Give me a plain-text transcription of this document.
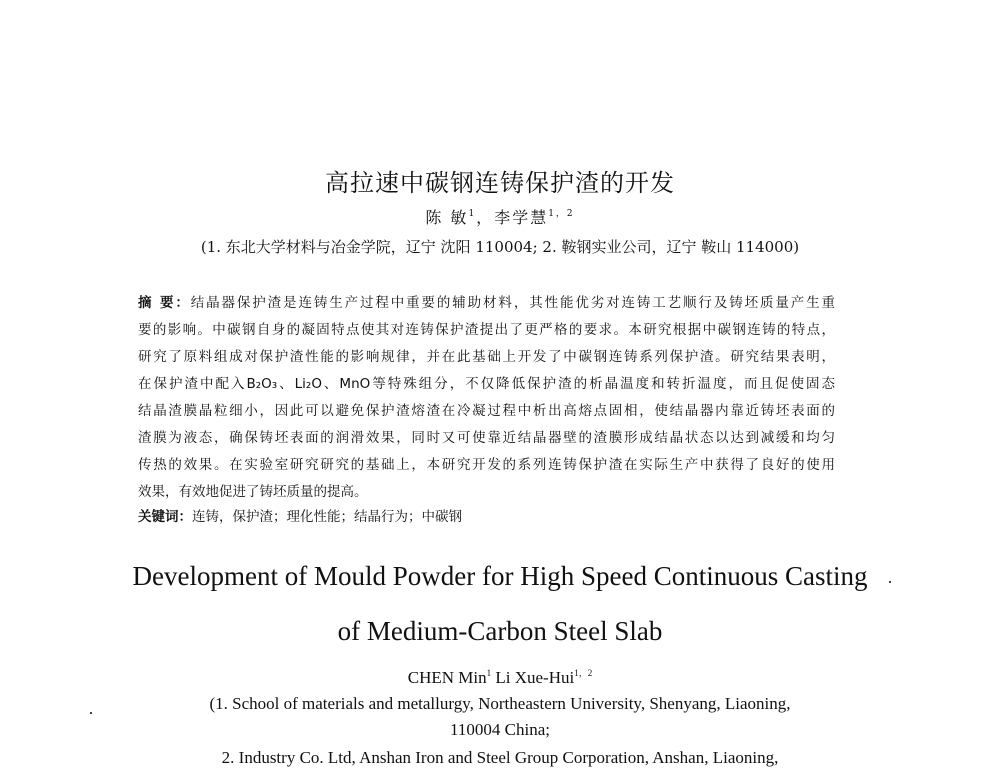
高拉速中碳钢连铸保护渣的开发
陈 敏$^1$，李学慧$^{1,2}$
(1. 东北大学材料与冶金学院，辽宁 沈阳 110004; 2. 鞍钢实业公司，辽宁 鞍山 114000)
摘 要：结晶器保护渣是连铸生产过程中重要的辅助材料，其性能优劣对连铸工艺顺行及铸坯质量产生重
要的影响。中碳钢自身的凝固特点使其对连铸保护渣提出了更严格的要求。本研究根据中碳钢连铸的特点，
研究了原料组成对保护渣性能的影响规律，并在此基础上开发了中碳钢连铸系列保护渣。研究结果表明，
在保护渣中配入B₂O₃、Li₂O、MnO等特殊组分，不仅降低保护渣的析晶温度和转折温度，而且促使固态
结晶渣膜晶粒细小，因此可以避免保护渣熔渣在冷凝过程中析出高熔点固相，使结晶器内靠近铸坯表面的
渣膜为液态，确保铸坯表面的润滑效果，同时又可使靠近结晶器壁的渣膜形成结晶状态以达到减缓和均匀
传热的效果。在实验室研究研究的基础上，本研究开发的系列连铸保护渣在实际生产中获得了良好的使用
效果，有效地促进了铸坯质量的提高。
关键词：连铸，保护渣；理化性能；结晶行为；中碳钢
Development of Mould Powder for High Speed Continuous Casting
of Medium-Carbon Steel Slab
CHEN Min$^1$ Li Xue-Hui$^{1,2}$
(1. School of materials and metallurgy, Northeastern University, Shenyang, Liaoning,
110004 China;
2. Industry Co. Ltd, Anshan Iron and Steel Group Corporation, Anshan, Liaoning,
